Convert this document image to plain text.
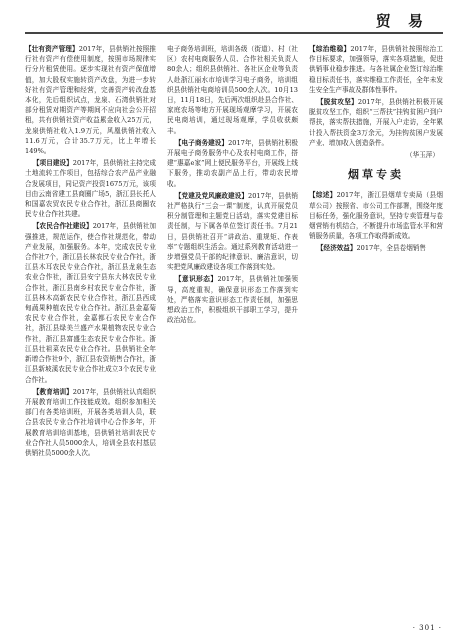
贸 易

【壮有资产管理】2017年，县供销社按照推行社有资产有偿使用制度，按照市场规律实行分片租赁使用。逐步实现社有资产保值增值，加大股权实施转资产改盘，为进一步转好社有资产管理和经营，完善资产转改盘基本化，先后组织试点，龙泉、石湾供销社对部分租赁对期资产等期间不应向社会公开招租，共有供销社资产收益累金收入25万元，龙泉供销社收入1.9万元，风凰供销社收入11.6万元，合计35.7万元，比上年增长149%。

【项目建设】2017年，县供销社主持完成土地流转工作项目，包括综合农产品产业融合发展项目，同记资产投资1675万元，该项目由云南省建工县商圈广场5，浙江县长托人和国嘉农贸农民专业合作社，浙江县商圈农民专业合作社共建。

【农民合作社建设】2017年，县供销社加强推进，规范运作，使合作社规范化，带动产业发展，加强服务。本年，完成农民专业合作社7个，浙江县长林农民专业合作社，浙江县木耳农民专业合作社，浙江县龙泉生态农业合作社，浙江县安宁县东大林农民专业合作社，浙江县南乡村农民专业合作社，浙江县林木高新农民专业合作社，浙江县西成甸蔬果种植农民专业合作社。浙江县金嘉菊农民专业合作社，金嘉都石农民专业合作社，浙江县绿美兰盛产水果植物农民专业合作社，浙江县富盛生态农民专业合作社。浙江县壮祖菜农民专业合作社。县供销社全年新增合作社9个，浙江县农资销售合作社，浙江县新坡溪农民专业合作社成立3个农民专业合作社。

【教育培训】2017年，县供销社认真组织开展教育培训工作技能成效。组织参加相关部门有各类培训班，开展各类培训人员，联合县农民专业合作社培训中心合作多年，开展教育培训培训基地，县供销社培训农民专业合作社人员5000余人，培训全县农村基层供销社员5000余人次。

电子商务培训班，培训各级（街道）、村（社区）农村电商服务人员、合作社相关负责人80余人；组织县供销社、各社区企业等负责人赴浙江丽水市培训学习电子商务，培训组织县供销社电商培训员500余人次。10月13日，11月18日，先后两次组织赴县合作社、家庭农场等地方开展现场观摩学习，开展农民电商培训，通过现场观摩，学员收获颇丰。

【电子商务建设】2017年，县供销社积极开展电子商务服务中心及农村电商工作，搭建“惠嘉e家”网上便民服务平台，开展线上线下服务，推动农副产品上行，带动农民增收。

【党建及党风廉政建设】2017年，县供销社严格执行“三会一课”制度，认真开展党员积分制管理和主题党日活动，落实党建目标责任制，与下属各单位签订责任书。7月21日，县供销社召开“讲政治、重规矩、作表率”专题组织生活会。通过系列教育活动进一步增强党员干部的纪律意识、廉洁意识，切实把党风廉政建设各项工作落到实处。

【意识形态】2017年，县供销社加强领导，高度重视，确保意识形态工作落到实处，严格落实意识形态工作责任制，加强思想政治工作，积极组织干部职工学习，提升政治站位。

【综治维稳】2017年，县供销社按照综治工作目标要求，加强领导，落实各项措施，促进供销事业稳步推进。与各社属企业签订综治维稳目标责任书，落实维稳工作责任，全年未发生安全生产事故及群体性事件。

【脱贫攻坚】2017年，县供销社积极开展脱贫攻坚工作，组织“三帮扶”挂钩贫困户到户帮扶，落实帮扶措施，开展入户走访，全年累计投入帮扶资金3万余元，为挂钩贫困户发展产业、增加收入创造条件。

（华玉萍）
烟草专卖

【综述】2017年，浙江县烟草专卖局（县烟草公司）按照省、市公司工作部署，围绕年度目标任务，强化服务意识，坚持专卖管理与卷烟营销有机结合，不断提升市场监管水平和营销服务质量，各项工作取得新成效。

【经济效益】2017年，全县卷烟销售

· 301 ·
